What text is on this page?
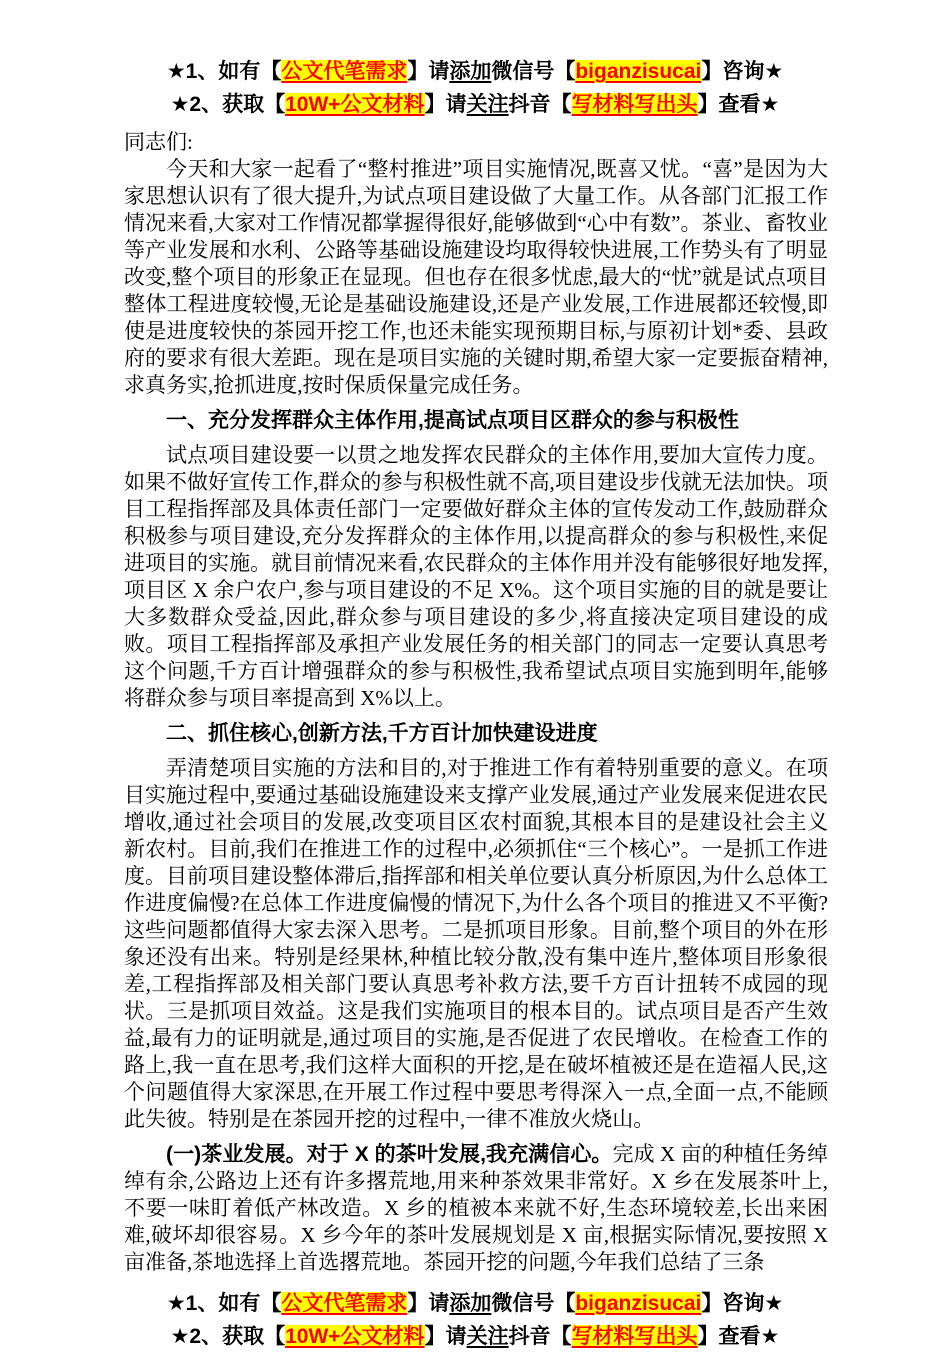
★1、如有【公文代笔需求】请添加微信号【biganzisucai】咨询★
★2、获取【10W+公文材料】请关注抖音【写材料写出头】查看★

同志们:

今天和大家一起看了“整村推进”项目实施情况,既喜又忧。“喜”是因为大家思想认识有了很大提升,为试点项目建设做了大量工作。从各部门汇报工作情况来看,大家对工作情况都掌握得很好,能够做到“心中有数”。茶业、畜牧业等产业发展和水利、公路等基础设施建设均取得较快进展,工作势头有了明显改变,整个项目的形象正在显现。但也存在很多忧虑,最大的“忧”就是试点项目整体工程进度较慢,无论是基础设施建设,还是产业发展,工作进展都还较慢,即使是进度较快的茶园开挖工作,也还未能实现预期目标,与原初计划*委、县政府的要求有很大差距。现在是项目实施的关键时期,希望大家一定要振奋精神,求真务实,抢抓进度,按时保质保量完成任务。

一、充分发挥群众主体作用,提高试点项目区群众的参与积极性

试点项目建设要一以贯之地发挥农民群众的主体作用,要加大宣传力度。如果不做好宣传工作,群众的参与积极性就不高,项目建设步伐就无法加快。项目工程指挥部及具体责任部门一定要做好群众主体的宣传发动工作,鼓励群众积极参与项目建设,充分发挥群众的主体作用,以提高群众的参与积极性,来促进项目的实施。就目前情况来看,农民群众的主体作用并没有能够很好地发挥,项目区 X 余户农户,参与项目建设的不足 X%。这个项目实施的目的就是要让大多数群众受益,因此,群众参与项目建设的多少,将直接决定项目建设的成败。项目工程指挥部及承担产业发展任务的相关部门的同志一定要认真思考这个问题,千方百计增强群众的参与积极性,我希望试点项目实施到明年,能够将群众参与项目率提高到 X%以上。

二、抓住核心,创新方法,千方百计加快建设进度

弄清楚项目实施的方法和目的,对于推进工作有着特别重要的意义。在项目实施过程中,要通过基础设施建设来支撑产业发展,通过产业发展来促进农民增收,通过社会项目的发展,改变项目区农村面貌,其根本目的是建设社会主义新农村。目前,我们在推进工作的过程中,必须抓住“三个核心”。一是抓工作进度。目前项目建设整体滞后,指挥部和相关单位要认真分析原因,为什么总体工作进度偏慢?在总体工作进度偏慢的情况下,为什么各个项目的推进又不平衡?这些问题都值得大家去深入思考。二是抓项目形象。目前,整个项目的外在形象还没有出来。特别是经果林,种植比较分散,没有集中连片,整体项目形象很差,工程指挥部及相关部门要认真思考补救方法,要千方百计扭转不成园的现状。三是抓项目效益。这是我们实施项目的根本目的。试点项目是否产生效益,最有力的证明就是,通过项目的实施,是否促进了农民增收。在检查工作的路上,我一直在思考,我们这样大面积的开挖,是在破坏植被还是在造福人民,这个问题值得大家深思,在开展工作过程中要思考得深入一点,全面一点,不能顾此失彼。特别是在茶园开挖的过程中,一律不准放火烧山。

(一)茶业发展。对于 X 的茶叶发展,我充满信心。完成 X 亩的种植任务绰绰有余,公路边上还有许多撂荒地,用来种茶效果非常好。X 乡在发展茶叶上,不要一味盯着低产林改造。X 乡的植被本来就不好,生态环境较差,长出来困难,破坏却很容易。X 乡今年的茶叶发展规划是 X 亩,根据实际情况,要按照 X 亩准备,茶地选择上首选撂荒地。茶园开挖的问题,今年我们总结了三条

★1、如有【公文代笔需求】请添加微信号【biganzisucai】咨询★
★2、获取【10W+公文材料】请关注抖音【写材料写出头】查看★
